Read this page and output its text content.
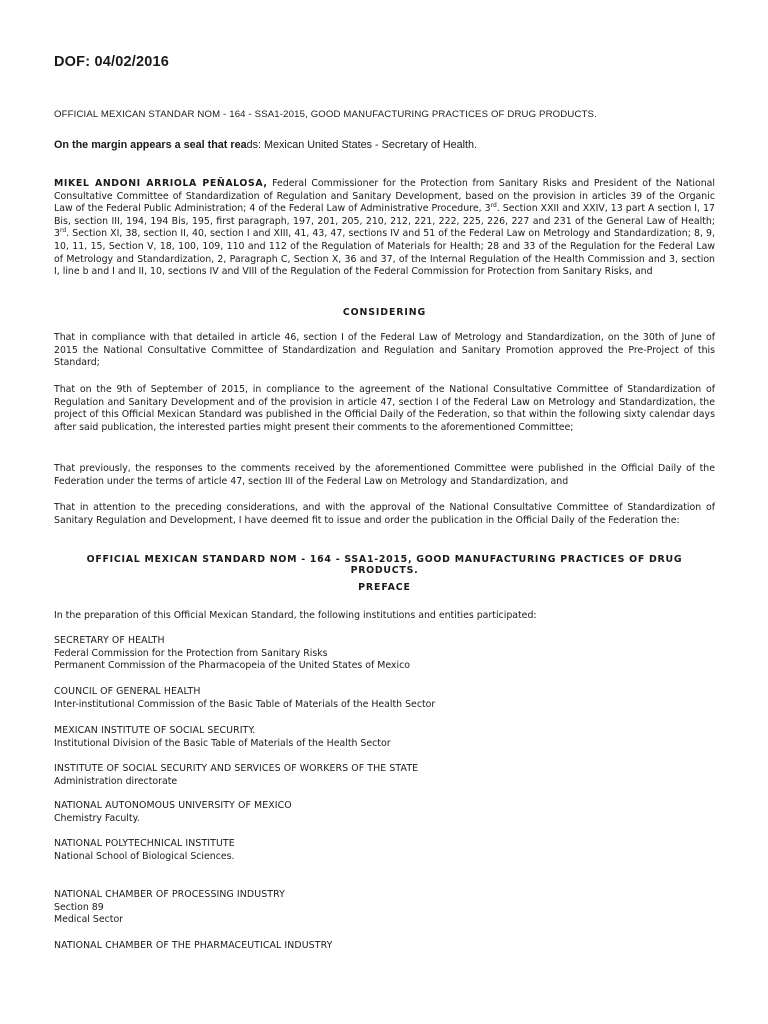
DOF: 04/02/2016
OFFICIAL MEXICAN STANDAR NOM - 164 - SSA1-2015, GOOD MANUFACTURING PRACTICES OF DRUG PRODUCTS.
On the margin appears a seal that reads: Mexican United States - Secretary of Health.
MIKEL ANDONI ARRIOLA PEÑALOSA, Federal Commissioner for the Protection from Sanitary Risks and President of the National Consultative Committee of Standardization of Regulation and Sanitary Development, based on the provision in articles 39 of the Organic Law of the Federal Public Administration; 4 of the Federal Law of Administrative Procedure, 3rd. Section XXII and XXIV, 13 part A section I, 17 Bis, section III, 194, 194 Bis, 195, first paragraph, 197, 201, 205, 210, 212, 221, 222, 225, 226, 227 and 231 of the General Law of Health; 3rd. Section XI, 38, section II, 40, section I and XIII, 41, 43, 47, sections IV and 51 of the Federal Law on Metrology and Standardization; 8, 9, 10, 11, 15, Section V, 18, 100, 109, 110 and 112 of the Regulation of Materials for Health; 28 and 33 of the Regulation for the Federal Law of Metrology and Standardization, 2, Paragraph C, Section X, 36 and 37, of the Internal Regulation of the Health Commission and 3, section I, line b and I and II, 10, sections IV and VIII of the Regulation of the Federal Commission for Protection from Sanitary Risks, and
CONSIDERING
That in compliance with that detailed in article 46, section I of the Federal Law of Metrology and Standardization, on the 30th of June of 2015 the National Consultative Committee of Standardization and Regulation and Sanitary Promotion approved the Pre-Project of this Standard;
That on the 9th of September of 2015, in compliance to the agreement of the National Consultative Committee of Standardization of Regulation and Sanitary Development and of the provision in article 47, section I of the Federal Law on Metrology and Standardization, the project of this Official Mexican Standard was published in the Official Daily of the Federation, so that within the following sixty calendar days after said publication, the interested parties might present their comments to the aforementioned Committee;
That previously, the responses to the comments received by the aforementioned Committee were published in the Official Daily of the Federation under the terms of article 47, section III of the Federal Law on Metrology and Standardization, and
That in attention to the preceding considerations, and with the approval of the National Consultative Committee of Standardization of Sanitary Regulation and Development, I have deemed fit to issue and order the publication in the Official Daily of the Federation the:
OFFICIAL MEXICAN STANDARD NOM - 164 - SSA1-2015, GOOD MANUFACTURING PRACTICES OF DRUG PRODUCTS.
PREFACE
In the preparation of this Official Mexican Standard, the following institutions and entities participated:
SECRETARY OF HEALTH
Federal Commission for the Protection from Sanitary Risks
Permanent Commission of the Pharmacopeia of the United States of Mexico
COUNCIL OF GENERAL HEALTH
Inter-institutional Commission of the Basic Table of Materials of the Health Sector
MEXICAN INSTITUTE OF SOCIAL SECURITY.
Institutional Division of the Basic Table of Materials of the Health Sector
INSTITUTE OF SOCIAL SECURITY AND SERVICES OF WORKERS OF THE STATE
Administration directorate
NATIONAL AUTONOMOUS UNIVERSITY OF MEXICO
Chemistry Faculty.
NATIONAL POLYTECHNICAL INSTITUTE
National School of Biological Sciences.
NATIONAL CHAMBER OF PROCESSING INDUSTRY
Section 89
Medical Sector
NATIONAL CHAMBER OF THE PHARMACEUTICAL INDUSTRY
